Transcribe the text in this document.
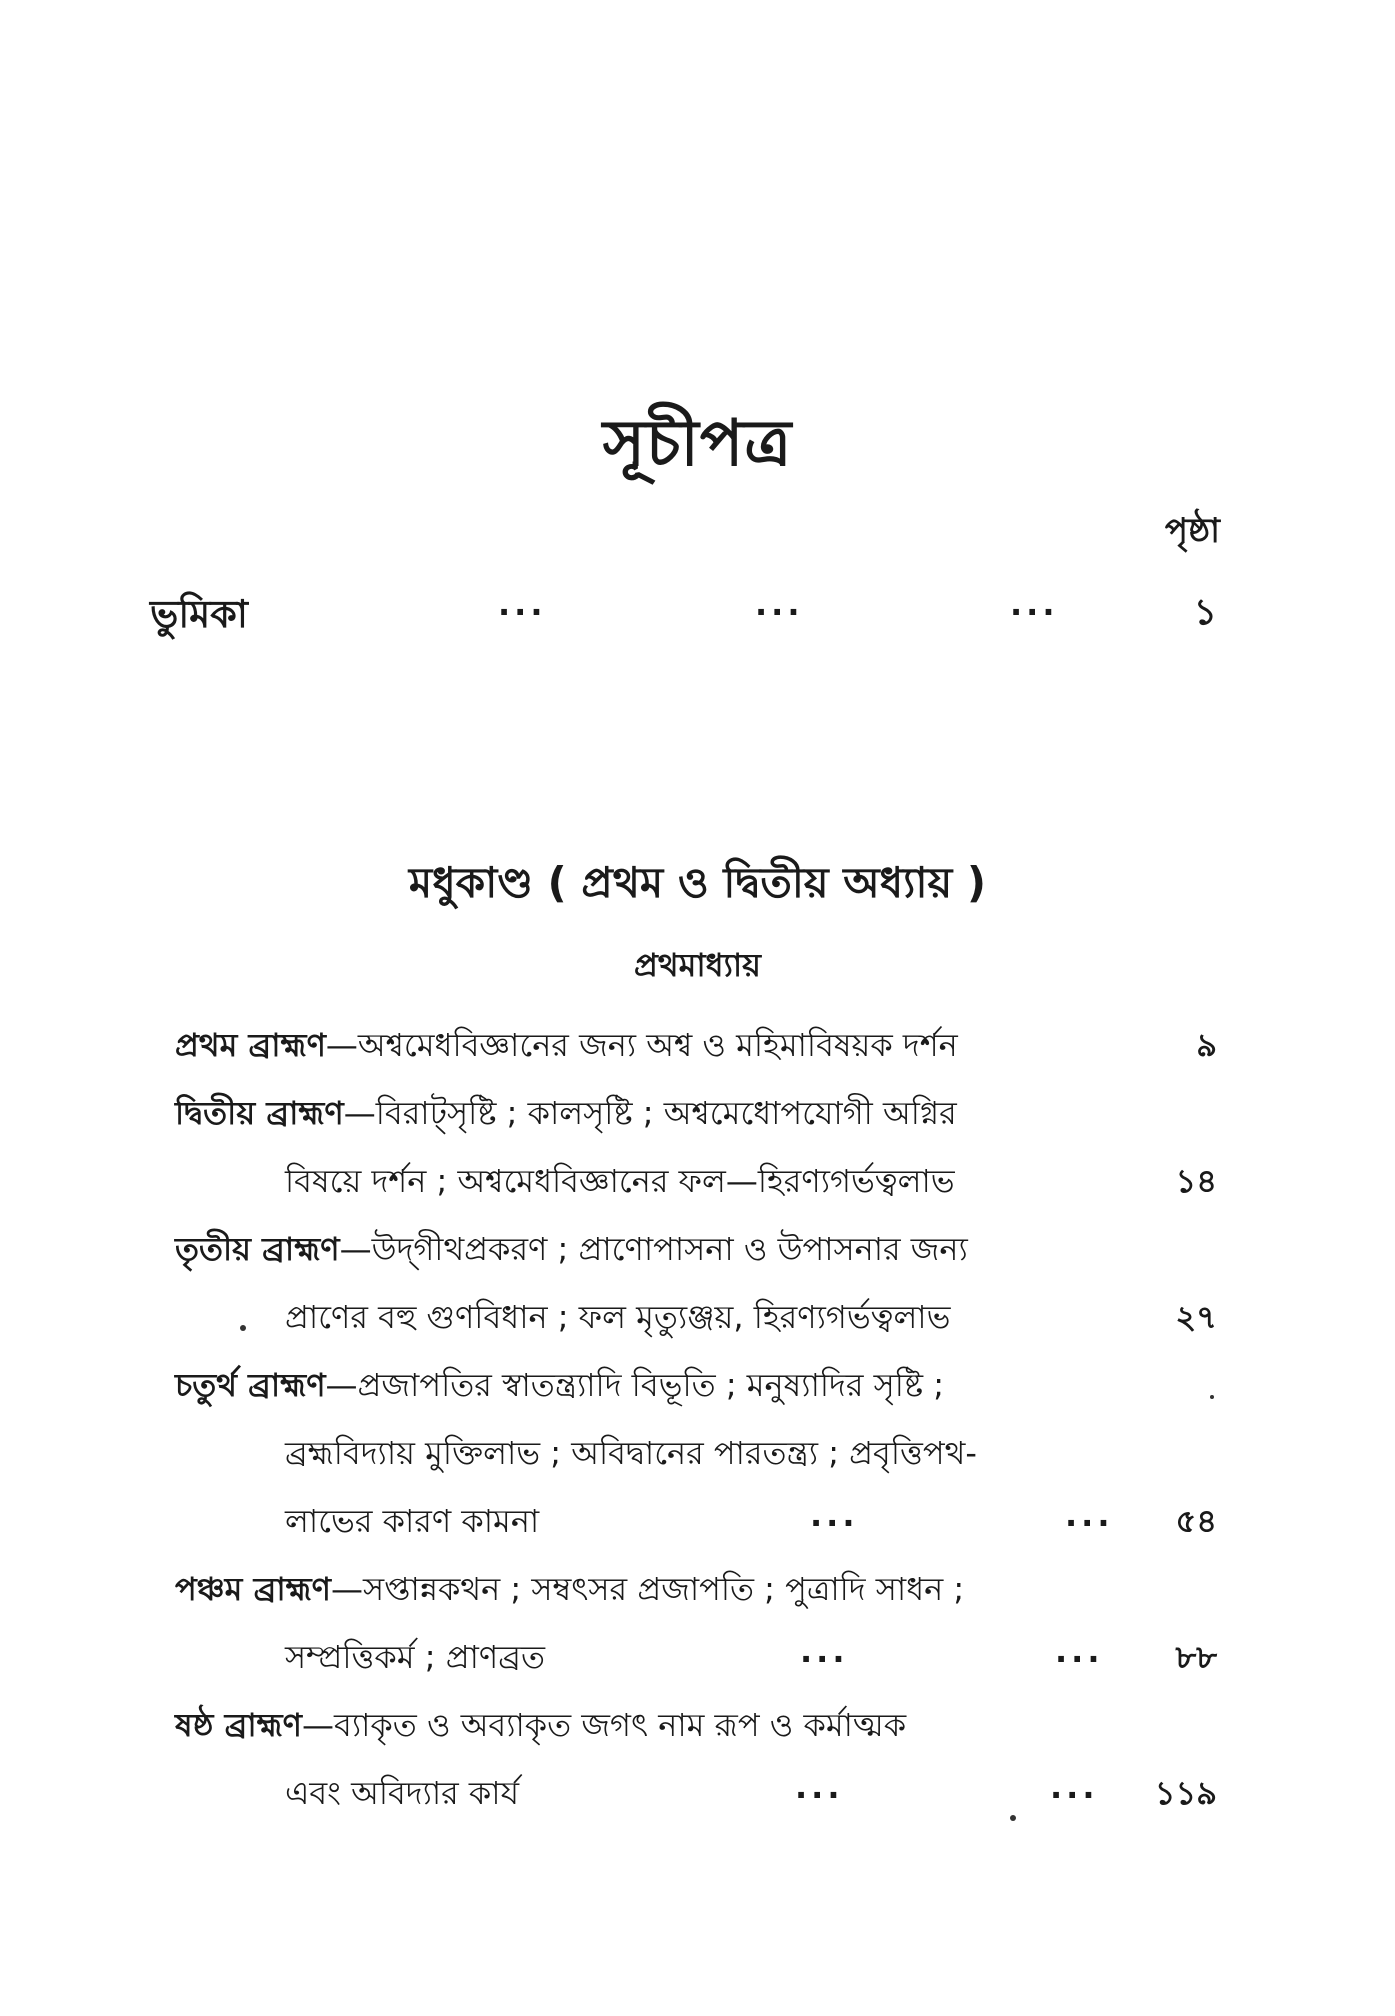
সূচীপত্র
পৃষ্ঠা
ভুমিকা	...	...	...	১
মধুকাণ্ড ( প্রথম ও দ্বিতীয় অধ্যায় )
প্রথমাধ্যায়
প্রথম ব্রাহ্মণ—অশ্বমেধবিজ্ঞানের জন্য অশ্ব ও মহিমাবিষয়ক দর্শন	৯
দ্বিতীয় ব্রাহ্মণ—বিরাট্‌সৃষ্টি ; কালসৃষ্টি ; অশ্বমেধোপযোগী অগ্নির
বিষয়ে দর্শন ; অশ্বমেধবিজ্ঞানের ফল—হিরণ্যগর্ভত্বলাভ	১৪
তৃতীয় ব্রাহ্মণ—উদ্‌গীথপ্রকরণ ; প্রাণোপাসনা ও উপাসনার জন্য
প্রাণের বহু গুণবিধান ; ফল মৃত্যুঞ্জয়, হিরণ্যগর্ভত্বলাভ	২৭
চতুর্থ ব্রাহ্মণ—প্রজাপতির স্বাতন্ত্র্যাদি বিভূতি ; মনুষ্যাদির সৃষ্টি ;
ব্রহ্মবিদ্যায় মুক্তিলাভ ; অবিদ্বানের পারতন্ত্র্য ; প্রবৃত্তিপথ-
লাভের কারণ কামনা	...	...	৫৪
পঞ্চম ব্রাহ্মণ—সপ্তান্নকথন ; সম্বৎসর প্রজাপতি ; পুত্রাদি সাধন ;
সম্প্রত্তিকর্ম ; প্রাণব্রত	...	...	৮৮
ষষ্ঠ ব্রাহ্মণ—ব্যাকৃত ও অব্যাকৃত জগৎ নাম রূপ ও কর্মাত্মক
এবং অবিদ্যার কার্য	...	...	১১৯
